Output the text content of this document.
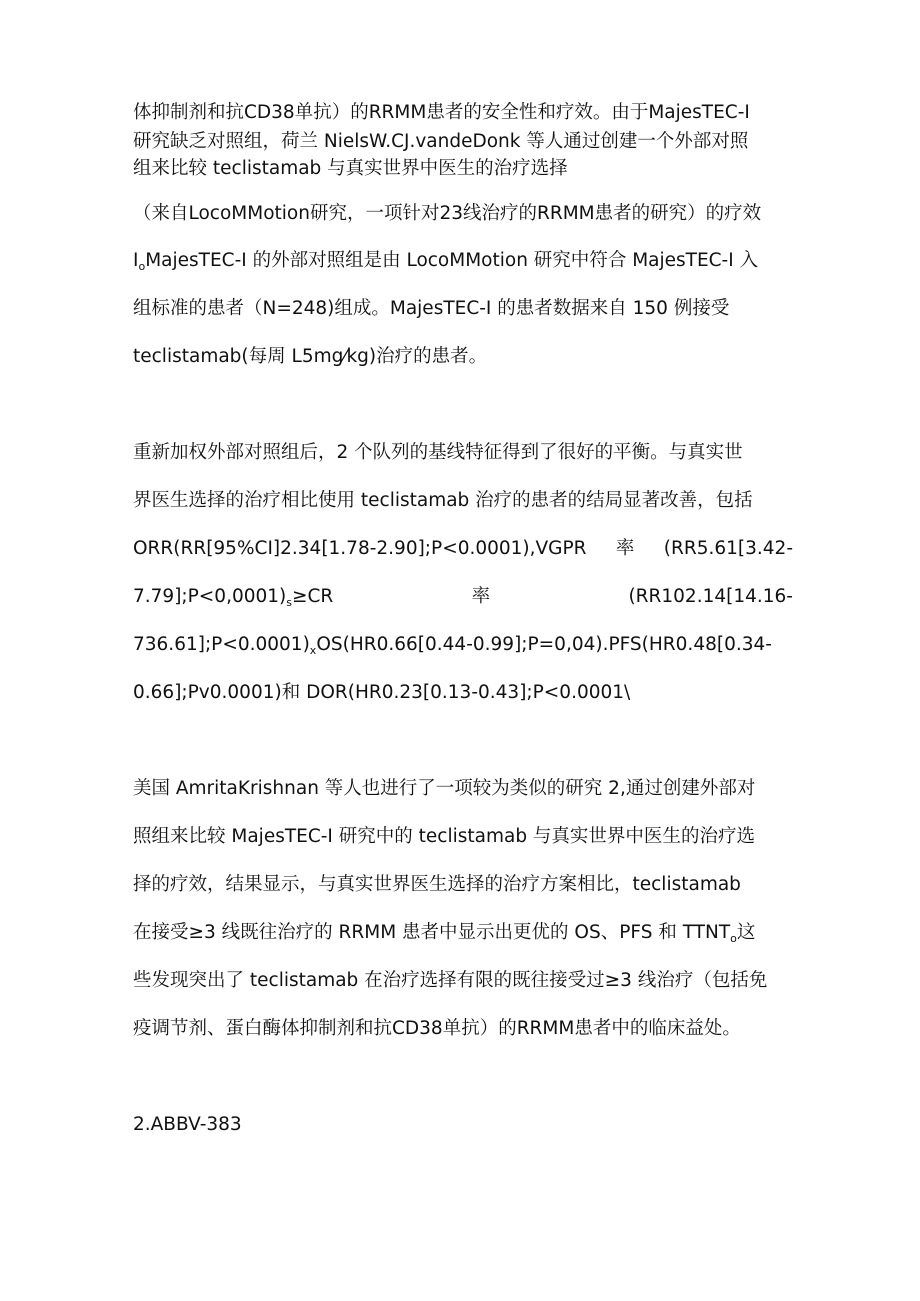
体抑制剂和抗CD38单抗）的RRMM患者的安全性和疗效。由于MajesTEC-I
研究缺乏对照组，荷兰 NielsW.CJ.vandeDonk 等人通过创建一个外部对照
组来比较 teclistamab 与真实世界中医生的治疗选择
（来自LocoMMotion研究，一项针对23线治疗的RRMM患者的研究）的疗效
$I_oMajesTEC-I$ 的外部对照组是由 LocoMMotion 研究中符合 MajesTEC-I 入
组标准的患者（N=248)组成。MajesTEC-I 的患者数据来自 150 例接受
teclistamab(每周 L5mg⁄kg)治疗的患者。
重新加权外部对照组后，2 个队列的基线特征得到了很好的平衡。与真实世
界医生选择的治疗相比使用 teclistamab 治疗的患者的结局显著改善，包括
ORR(RR[95%CI]2.34[1.78-2.90];P<0.0001),VGPR 率 (RR5.61[3.42-
$7.79];P<0,0001)_s\ge CR$	率	(RR102.14[14.16-
$736.61];P<0.0001)_xOS(HR0.66[0.44-0.99];P=0,04).PFS(HR0.48[0.34-$
0.66];Pv0.0001)和 DOR(HR0.23[0.13-0.43];P<0.0001\
美国 AmritaKrishnan 等人也进行了一项较为类似的研究 2,通过创建外部对
照组来比较 MajesTEC-I 研究中的 teclistamab 与真实世界中医生的治疗选
择的疗效，结果显示，与真实世界医生选择的治疗方案相比，teclistamab
在接受≥3 线既往治疗的 RRMM 患者中显示出更优的 OS、PFS 和 $TTNT_o$这
些发现突出了 teclistamab 在治疗选择有限的既往接受过≥3 线治疗（包括免
疫调节剂、蛋白酶体抑制剂和抗CD38单抗）的RRMM患者中的临床益处。
2.ABBV-383
